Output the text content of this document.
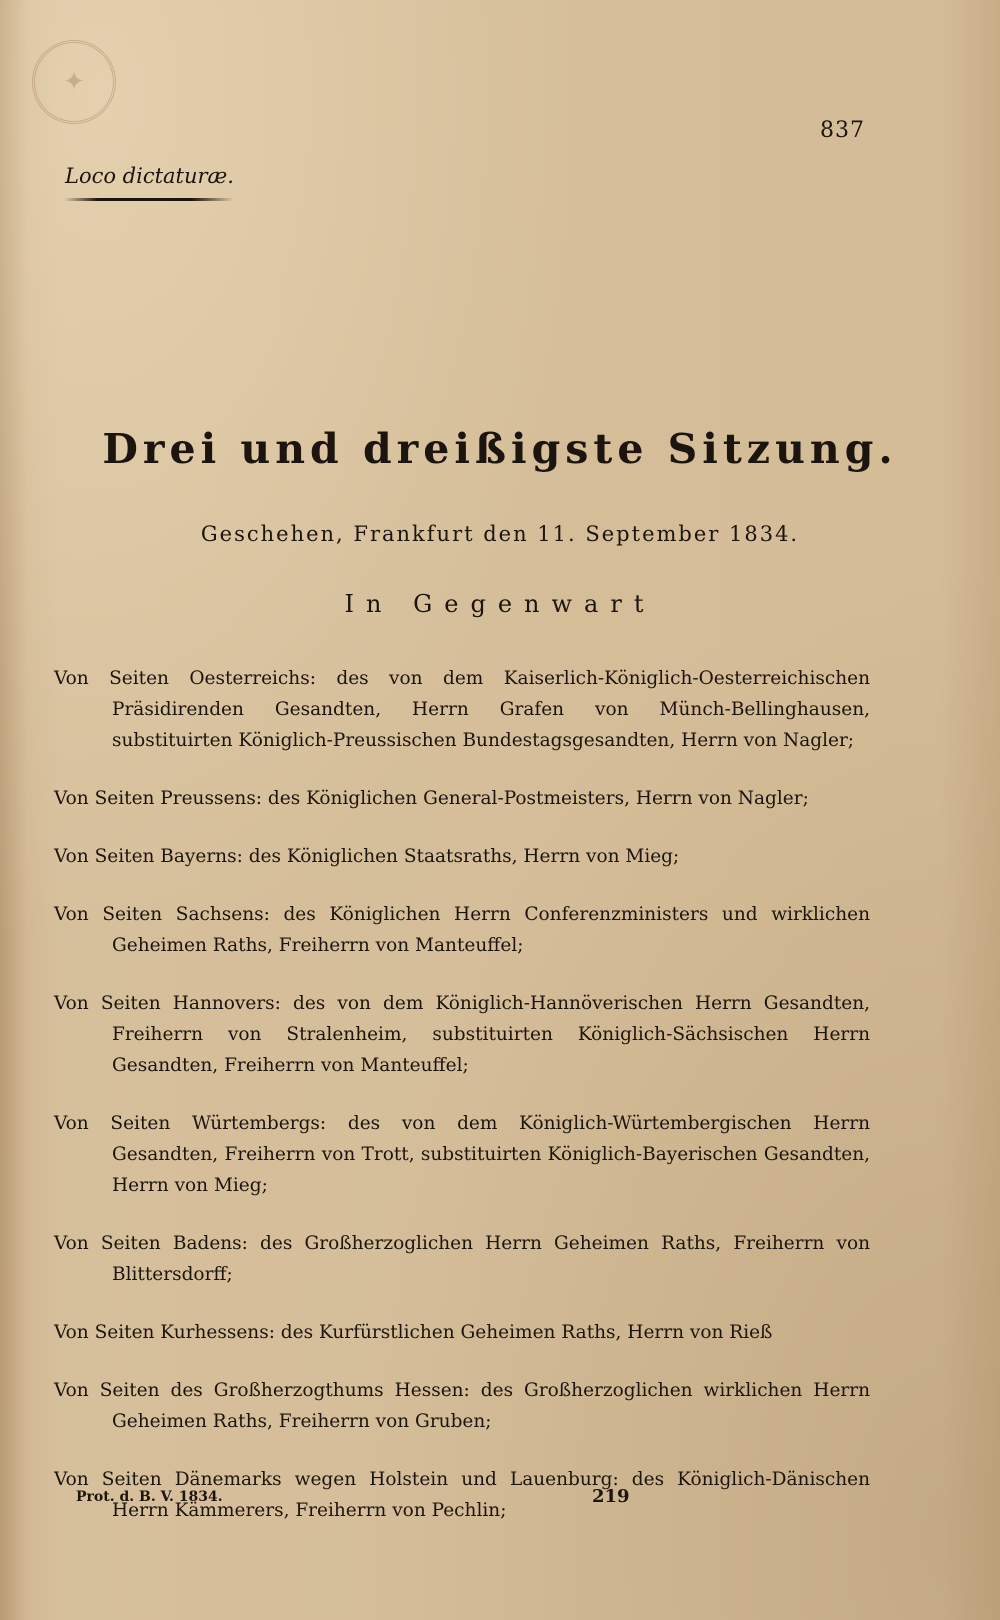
✦
837
Loco dictaturæ.
Drei und dreißigste Sitzung.
Geschehen, Frankfurt den 11. September 1834.
In Gegenwart

Von Seiten Oesterreichs: des von dem Kaiserlich-Königlich-Oesterreichischen Präsidirenden Gesandten, Herrn Grafen von Münch-Bellinghausen, substituirten Königlich-Preussischen Bundestagsgesandten, Herrn von Nagler;

Von Seiten Preussens: des Königlichen General-Postmeisters, Herrn von Nagler;

Von Seiten Bayerns: des Königlichen Staatsraths, Herrn von Mieg;

Von Seiten Sachsens: des Königlichen Herrn Conferenzministers und wirklichen Geheimen Raths, Freiherrn von Manteuffel;

Von Seiten Hannovers: des von dem Königlich-Hannöverischen Herrn Gesandten, Freiherrn von Stralenheim, substituirten Königlich-Sächsischen Herrn Gesandten, Freiherrn von Manteuffel;

Von Seiten Würtembergs: des von dem Königlich-Würtembergischen Herrn Gesandten, Freiherrn von Trott, substituirten Königlich-Bayerischen Gesandten, Herrn von Mieg;

Von Seiten Badens: des Großherzoglichen Herrn Geheimen Raths, Freiherrn von Blittersdorff;

Von Seiten Kurhessens: des Kurfürstlichen Geheimen Raths, Herrn von Rieß

Von Seiten des Großherzogthums Hessen: des Großherzoglichen wirklichen Herrn Geheimen Raths, Freiherrn von Gruben;

Von Seiten Dänemarks wegen Holstein und Lauenburg: des Königlich-Dänischen Herrn Kämmerers, Freiherrn von Pechlin;

Prot. d. B. V. 1834.	219
